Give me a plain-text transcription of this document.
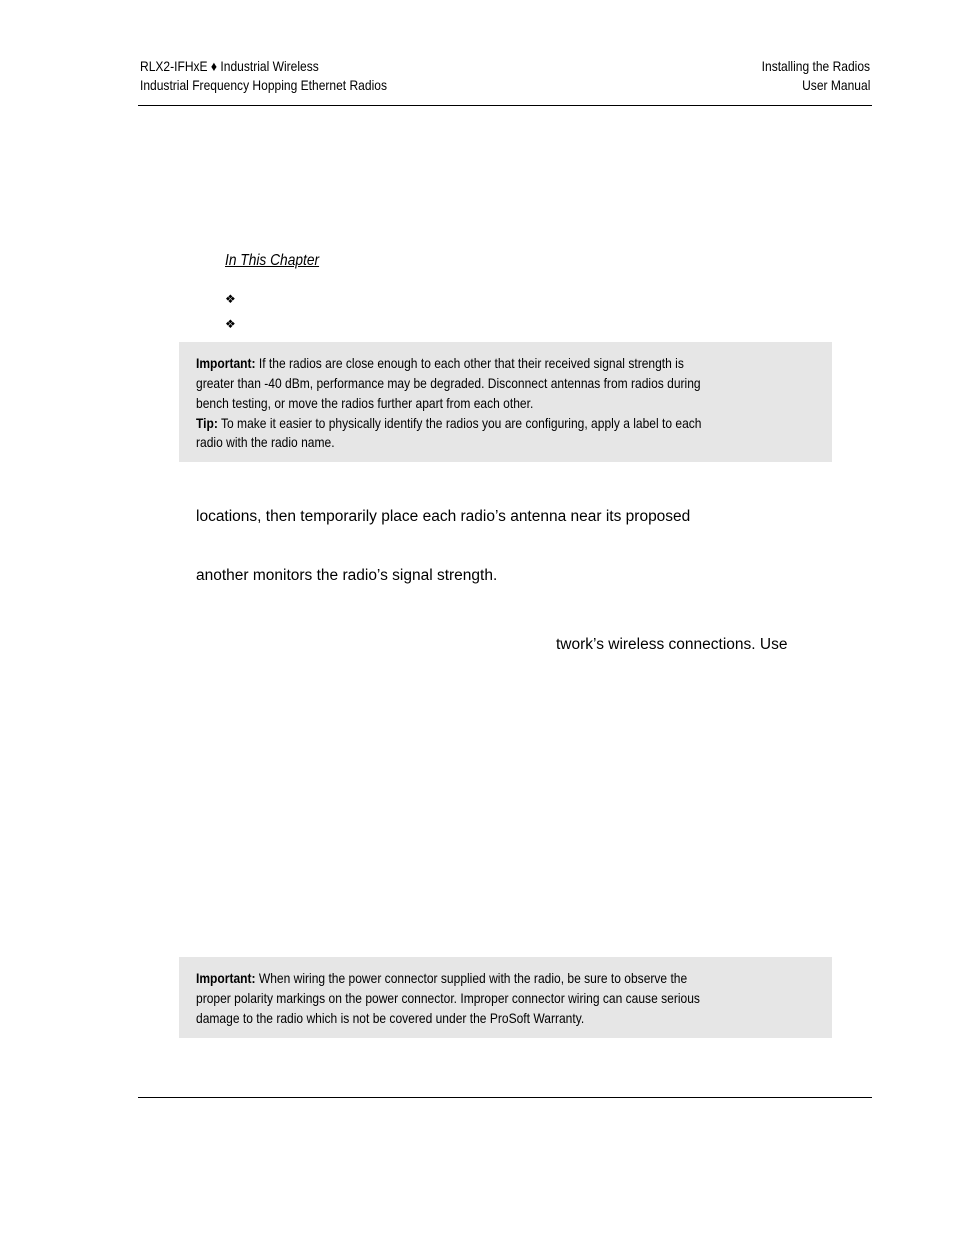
RLX2-IFHxE ♦ Industrial Wireless
Industrial Frequency Hopping Ethernet Radios
Installing the Radios
User Manual
In This Chapter
❖
❖
Important: If the radios are close enough to each other that their received signal strength is
greater than -40 dBm, performance may be degraded. Disconnect antennas from radios during
bench testing, or move the radios further apart from each other.
Tip: To make it easier to physically identify the radios you are configuring, apply a label to each
radio with the radio name.
locations, then temporarily place each radio’s antenna near its proposed
another monitors the radio’s signal strength.
twork’s wireless connections. Use
Important: When wiring the power connector supplied with the radio, be sure to observe the
proper polarity markings on the power connector. Improper connector wiring can cause serious
damage to the radio which is not be covered under the ProSoft Warranty.
